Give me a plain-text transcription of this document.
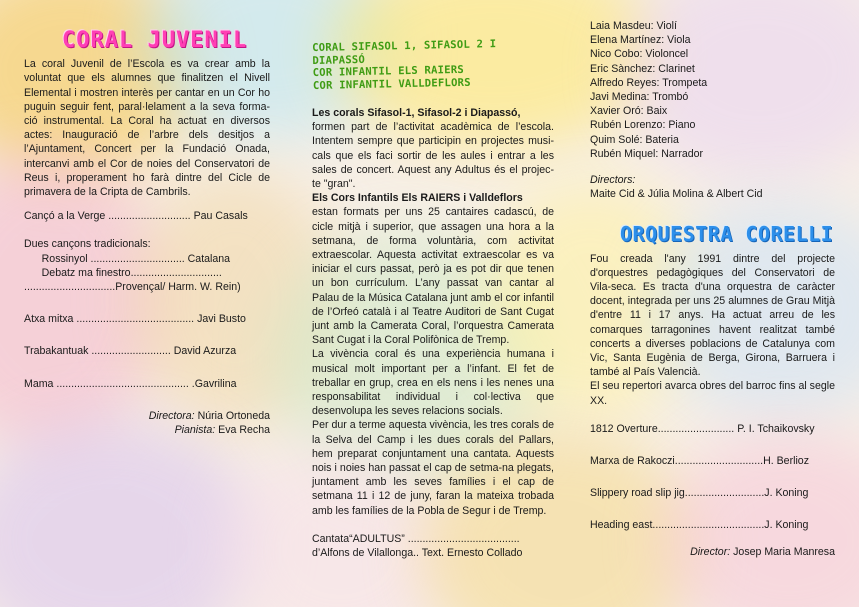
CORAL JUVENIL

La coral Juvenil de l’Escola es va crear amb la voluntat que els alumnes que finalitzen el Nivell Elemental i mostren interès per cantar en un Cor ho puguin seguir fent, paral·lelament a la seva forma-ció instrumental. La Coral ha actuat en diversos actes: Inauguració de l’arbre dels desitjos a l’Ajuntament, Concert per la Fundació Onada, intercanvi amb el Cor de noies del Conservatori de Reus i, properament ho farà dintre del Cicle de primavera de la Cripta de Cambrils.

Cançó a la Verge ............................ Pau Casals

Dues cançons tradicionals:

Rossinyol ................................ Catalana

Debatz ma finestro...............................

...............................Provençal/ Harm. W. Rein)

Atxa mitxa ........................................ Javi Busto

Trabakantuak ........................... David Azurza

Mama ............................................. .Gavrilina

Directora: Núria Ortoneda

Pianista: Eva Recha

CORAL SIFASOL 1, SIFASOL 2 I DIAPASSÓ
COR INFANTIL ELS RAIERS
COR INFANTIL VALLDEFLORS

Les corals Sifasol-1, Sifasol-2 i Diapassó,

formen part de l’activitat acadèmica de l’escola. Intentem sempre que participin en projectes musi-cals que els faci sortir de les aules i entrar a les sales de concert. Aquest any Adultus és el projec-te "gran".

Els Cors Infantils Els RAIERS i Valldeflors

estan formats per uns 25 cantaires cadascú, de cicle mitjà i superior, que assagen una hora a la setmana, de forma voluntària, com activitat extraescolar. Aquesta activitat extraescolar es va iniciar el curs passat, però ja es pot dir que tenen un bon currículum. L’any passat van cantar al Palau de la Música Catalana junt amb el cor infantil de l’Orfeó català i al Teatre Auditori de Sant Cugat junt amb la Camerata Coral, l’orquestra Camerata Sant Cugat i la Coral Polifònica de Tremp.

La vivència coral és una experiència humana i musical molt important per a l’infant. El fet de treballar en grup, crea en els nens i les nenes una responsabilitat individual i col·lectiva que desenvolupa les seves relacions socials.

Per dur a terme aquesta vivència, les tres corals de la Selva del Camp i les dues corals del Pallars, hem preparat conjuntament una cantata. Aquests nois i noies han passat el cap de setma-na plegats, juntament amb les seves famílies i el cap de setmana 11 i 12 de juny, faran la mateixa trobada amb les famílies de la Pobla de Segur i de Tremp.

Cantata“ADULTUS” ......................................

d’Alfons de Vilallonga.. Text. Ernesto Collado

Laia Masdeu: Violí

Elena Martínez: Viola

Nico Cobo: Violoncel

Eric Sànchez: Clarinet

Alfredo Reyes: Trompeta

Javi Medina: Trombó

Xavier Oró: Baix

Rubén Lorenzo: Piano

Quim Solé: Bateria

Rubén Miquel: Narrador

Directors:

Maite Cid & Júlia Molina & Albert Cid

ORQUESTRA CORELLI

Fou creada l'any 1991 dintre del projecte d'orquestres pedagògiques del Conservatori de Vila-seca. Es tracta d'una orquestra de caràcter docent, integrada per uns 25 alumnes de Grau Mitjà d'entre 11 i 17 anys. Ha actuat arreu de les comarques tarragonines havent realitzat també concerts a diverses poblacions de Catalunya com Vic, Santa Eugènia de Berga, Girona, Barruera i també al País Valencià.

El seu repertori avarca obres del barroc fins al segle XX.

1812 Overture.......................... P. I. Tchaikovsky

Marxa de Rakoczi..............................H. Berlioz

Slippery road slip jig...........................J. Koning

Heading east......................................J. Koning

Director: Josep Maria Manresa
